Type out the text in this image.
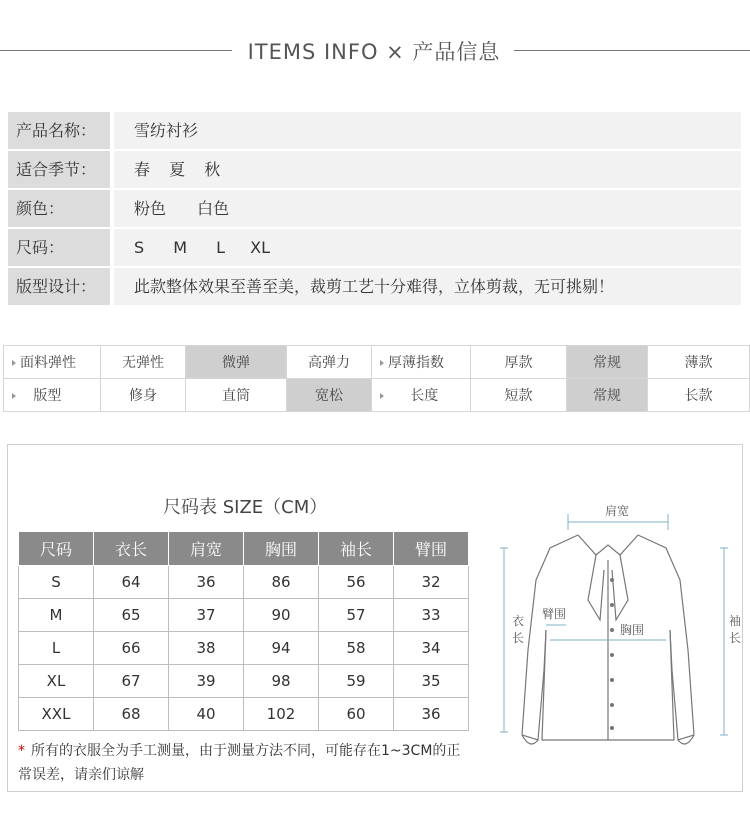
ITEMS INFO × 产品信息
产品名称：	雪纺衬衫
适合季节：	春 夏 秋
颜色：	粉色 白色
尺码：	S M L XL
版型设计：	此款整体效果至善至美，裁剪工艺十分难得，立体剪裁，无可挑剔！
面料弹性	无弹性	微弹	高弹力	厚薄指数	厚款	常规	薄款
版型	修身	直筒	宽松	长度	短款	常规	长款
尺码表 SIZE（CM）
尺码	衣长	肩宽	胸围	袖长	臂围
S	64	36	86	56	32
M	65	37	90	57	33
L	66	38	94	58	34
XL	67	39	98	59	35
XXL	68	40	102	60	36
* 所有的衣服全为手工测量，由于测量方法不同，可能存在1~3CM的正常误差，请亲们谅解
肩宽
臂围
胸围
衣
长
袖
长
